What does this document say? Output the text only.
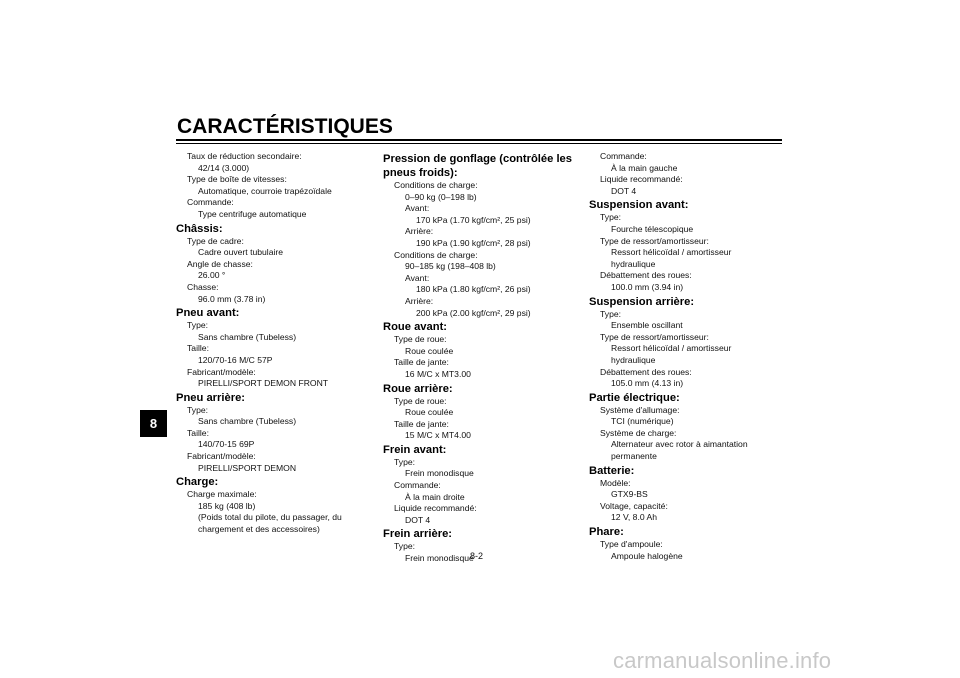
CARACTÉRISTIQUES
8
Taux de réduction secondaire:
42/14 (3.000)
Type de boîte de vitesses:
Automatique, courroie trapézoïdale
Commande:
Type centrifuge automatique
Châssis:
Type de cadre:
Cadre ouvert tubulaire
Angle de chasse:
26.00 °
Chasse:
96.0 mm (3.78 in)
Pneu avant:
Type:
Sans chambre (Tubeless)
Taille:
120/70-16 M/C 57P
Fabricant/modèle:
PIRELLI/SPORT DEMON FRONT
Pneu arrière:
Type:
Sans chambre (Tubeless)
Taille:
140/70-15 69P
Fabricant/modèle:
PIRELLI/SPORT DEMON
Charge:
Charge maximale:
185 kg (408 lb)
(Poids total du pilote, du passager, du
chargement et des accessoires)
Pression de gonflage (contrôlée les pneus froids):
Conditions de charge:
0–90 kg (0–198 lb)
Avant:
170 kPa (1.70 kgf/cm², 25 psi)
Arrière:
190 kPa (1.90 kgf/cm², 28 psi)
Conditions de charge:
90–185 kg (198–408 lb)
Avant:
180 kPa (1.80 kgf/cm², 26 psi)
Arrière:
200 kPa (2.00 kgf/cm², 29 psi)
Roue avant:
Type de roue:
Roue coulée
Taille de jante:
16 M/C x MT3.00
Roue arrière:
Type de roue:
Roue coulée
Taille de jante:
15 M/C x MT4.00
Frein avant:
Type:
Frein monodisque
Commande:
À la main droite
Liquide recommandé:
DOT 4
Frein arrière:
Type:
Frein monodisque
Commande:
À la main gauche
Liquide recommandé:
DOT 4
Suspension avant:
Type:
Fourche télescopique
Type de ressort/amortisseur:
Ressort hélicoïdal / amortisseur
hydraulique
Débattement des roues:
100.0 mm (3.94 in)
Suspension arrière:
Type:
Ensemble oscillant
Type de ressort/amortisseur:
Ressort hélicoïdal / amortisseur
hydraulique
Débattement des roues:
105.0 mm (4.13 in)
Partie électrique:
Système d'allumage:
TCI (numérique)
Système de charge:
Alternateur avec rotor à aimantation
permanente
Batterie:
Modèle:
GTX9-BS
Voltage, capacité:
12 V, 8.0 Ah
Phare:
Type d'ampoule:
Ampoule halogène
8-2
carmanualsonline.info
